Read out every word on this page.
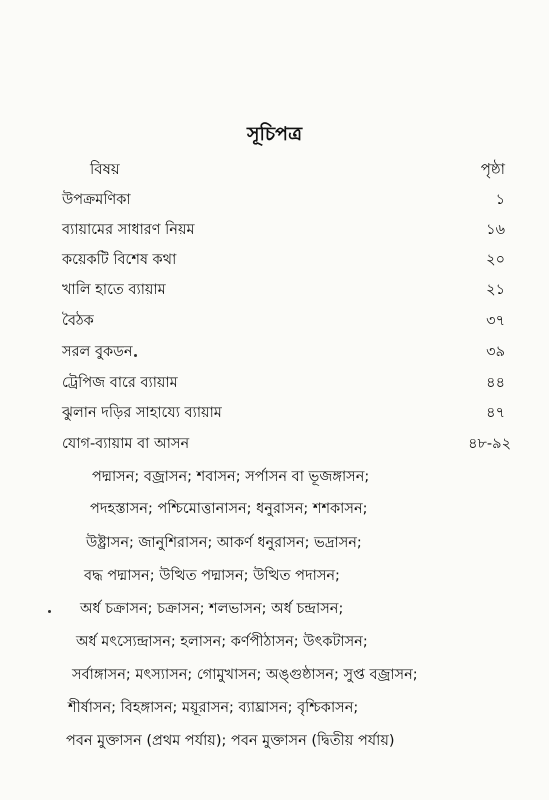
সূচিপত্র
বিষয়	পৃষ্ঠা
উপক্রমণিকা	১
ব্যায়ামের সাধারণ নিয়ম	১৬
কয়েকটি বিশেষ কথা	২০
খালি হাতে ব্যায়াম	২১
বৈঠক	৩৭
সরল বুকডন	৩৯
ট্রেপিজ বারে ব্যায়াম	৪৪
ঝুলান দড়ির সাহায্যে ব্যায়াম	৪৭
যোগ-ব্যায়াম বা আসন	৪৮-৯২
পদ্মাসন; বজ্রাসন; শবাসন; সর্পাসন বা ভূজঙ্গাসন;
পদহস্তাসন; পশ্চিমোত্তানাসন; ধনুরাসন; শশকাসন;
উষ্ট্রাসন; জানুশিরাসন; আকর্ণ ধনুরাসন; ভদ্রাসন;
বদ্ধ পদ্মাসন; উত্থিত পদ্মাসন; উত্থিত পদাসন;
অর্ধ চক্রাসন; চক্রাসন; শলভাসন; অর্ধ চন্দ্রাসন;
অর্ধ মৎস্যেন্দ্রাসন; হলাসন; কর্ণপীঠাসন; উৎকটাসন;
সর্বাঙ্গাসন; মৎস্যাসন; গোমুখাসন; অঙ্গুষ্ঠাসন; সুপ্ত বজ্রাসন;
শীর্ষাসন; বিহঙ্গাসন; ময়ূরাসন; ব্যাঘ্রাসন; বৃশ্চিকাসন;
পবন মুক্তাসন (প্রথম পর্যায়); পবন মুক্তাসন (দ্বিতীয় পর্যায়)
